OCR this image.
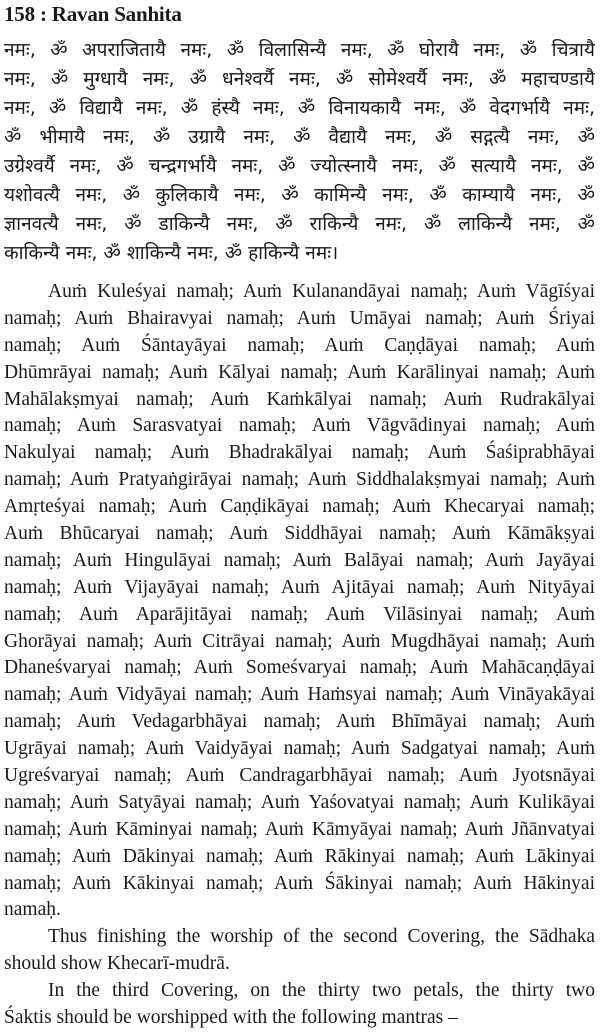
158 : Ravan Sanhita
नमः, ॐ अपराजितायै नमः, ॐ विलासिन्यै नमः, ॐ घोरायै नमः, ॐ चित्रायै
नमः, ॐ मुग्धायै नमः, ॐ धनेश्वर्यै नमः, ॐ सोमेश्वर्यै नमः, ॐ महाचण्डायै
नमः, ॐ विद्यायै नमः, ॐ हंस्यै नमः, ॐ विनायकायै नमः, ॐ वेदगर्भायै नमः,
ॐ भीमायै नमः, ॐ उग्रायै नमः, ॐ वैद्यायै नमः, ॐ सद्गत्यै नमः, ॐ
उग्रेश्वर्यै नमः, ॐ चन्द्रगर्भायै नमः, ॐ ज्योत्स्नायै नमः, ॐ सत्यायै नमः, ॐ
यशोवत्यै नमः, ॐ कुलिकायै नमः, ॐ कामिन्यै नमः, ॐ काम्यायै नमः, ॐ
ज्ञानवत्यै नमः, ॐ डाकिन्यै नमः, ॐ राकिन्यै नमः, ॐ लाकिन्यै नमः, ॐ
काकिन्यै नमः, ॐ शाकिन्यै नमः, ॐ हाकिन्यै नमः।
Auṁ Kuleśyai namaḥ; Auṁ Kulanandāyai namaḥ; Auṁ Vāgīśyai
namaḥ; Auṁ Bhairavyai namaḥ; Auṁ Umāyai namaḥ; Auṁ Śriyai
namaḥ; Auṁ Śāntayāyai namaḥ; Auṁ Caṇḍāyai namaḥ; Auṁ
Dhūmrāyai namaḥ; Auṁ Kālyai namaḥ; Auṁ Karālinyai namaḥ; Auṁ
Mahālakṣmyai namaḥ; Auṁ Kaṁkālyai namaḥ; Auṁ Rudrakālyai
namaḥ; Auṁ Sarasvatyai namaḥ; Auṁ Vāgvādinyai namaḥ; Auṁ
Nakulyai namaḥ; Auṁ Bhadrakālyai namaḥ; Auṁ Śaśiprabhāyai
namaḥ; Auṁ Pratyaṅgirāyai namaḥ; Auṁ Siddhalakṣmyai namaḥ; Auṁ
Amṛteśyai namaḥ; Auṁ Caṇḍikāyai namaḥ; Auṁ Khecaryai namaḥ;
Auṁ Bhūcaryai namaḥ; Auṁ Siddhāyai namaḥ; Auṁ Kāmākṣyai
namaḥ; Auṁ Hingulāyai namaḥ; Auṁ Balāyai namaḥ; Auṁ Jayāyai
namaḥ; Auṁ Vijayāyai namaḥ; Auṁ Ajitāyai namaḥ; Auṁ Nityāyai
namaḥ; Auṁ Aparājitāyai namaḥ; Auṁ Vilāsinyai namaḥ; Auṁ
Ghorāyai namaḥ; Auṁ Citrāyai namaḥ; Auṁ Mugdhāyai namaḥ; Auṁ
Dhaneśvaryai namaḥ; Auṁ Someśvaryai namaḥ; Auṁ Mahācaṇḍāyai
namaḥ; Auṁ Vidyāyai namaḥ; Auṁ Haṁsyai namaḥ; Auṁ Vināyakāyai
namaḥ; Auṁ Vedagarbhāyai namaḥ; Auṁ Bhīmāyai namaḥ; Auṁ
Ugrāyai namaḥ; Auṁ Vaidyāyai namaḥ; Auṁ Sadgatyai namaḥ; Auṁ
Ugreśvaryai namaḥ; Auṁ Candragarbhāyai namaḥ; Auṁ Jyotsnāyai
namaḥ; Auṁ Satyāyai namaḥ; Auṁ Yaśovatyai namaḥ; Auṁ Kulikāyai
namaḥ; Auṁ Kāminyai namaḥ; Auṁ Kāmyāyai namaḥ; Auṁ Jñānvatyai
namaḥ; Auṁ Dākinyai namaḥ; Auṁ Rākinyai namaḥ; Auṁ Lākinyai
namaḥ; Auṁ Kākinyai namaḥ; Auṁ Śākinyai namaḥ; Auṁ Hākinyai
namaḥ.
Thus finishing the worship of the second Covering, the Sādhaka
should show Khecarī-mudrā.
In the third Covering, on the thirty two petals, the thirty two
Śaktis should be worshipped with the following mantras –
